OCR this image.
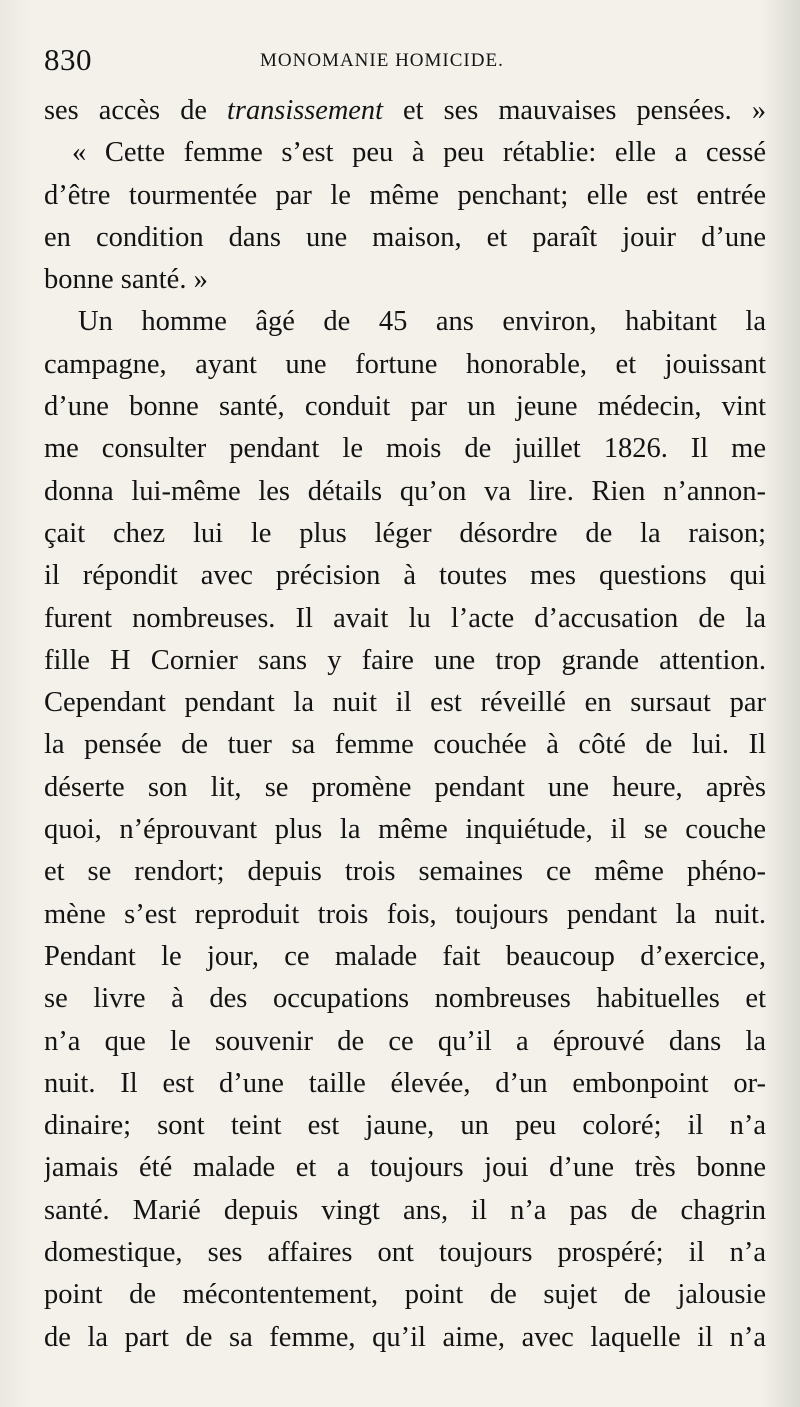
830	MONOMANIE HOMICIDE.
ses accès de transissement et ses mauvaises pensées. »
« Cette femme s’est peu à peu rétablie: elle a cessé
d’être tourmentée par le même penchant; elle est entrée
en condition dans une maison, et paraît jouir d’une
bonne santé. »
Un homme âgé de 45 ans environ, habitant la
campagne, ayant une fortune honorable, et jouissant
d’une bonne santé, conduit par un jeune médecin, vint
me consulter pendant le mois de juillet 1826. Il me
donna lui-même les détails qu’on va lire. Rien n’annon-
çait chez lui le plus léger désordre de la raison;
il répondit avec précision à toutes mes questions qui
furent nombreuses. Il avait lu l’acte d’accusation de la
fille H Cornier sans y faire une trop grande attention.
Cependant pendant la nuit il est réveillé en sursaut par
la pensée de tuer sa femme couchée à côté de lui. Il
déserte son lit, se promène pendant une heure, après
quoi, n’éprouvant plus la même inquiétude, il se couche
et se rendort; depuis trois semaines ce même phéno-
mène s’est reproduit trois fois, toujours pendant la nuit.
Pendant le jour, ce malade fait beaucoup d’exercice,
se livre à des occupations nombreuses habituelles et
n’a que le souvenir de ce qu’il a éprouvé dans la
nuit. Il est d’une taille élevée, d’un embonpoint or-
dinaire; sont teint est jaune, un peu coloré; il n’a
jamais été malade et a toujours joui d’une très bonne
santé. Marié depuis vingt ans, il n’a pas de chagrin
domestique, ses affaires ont toujours prospéré; il n’a
point de mécontentement, point de sujet de jalousie
de la part de sa femme, qu’il aime, avec laquelle il n’a
